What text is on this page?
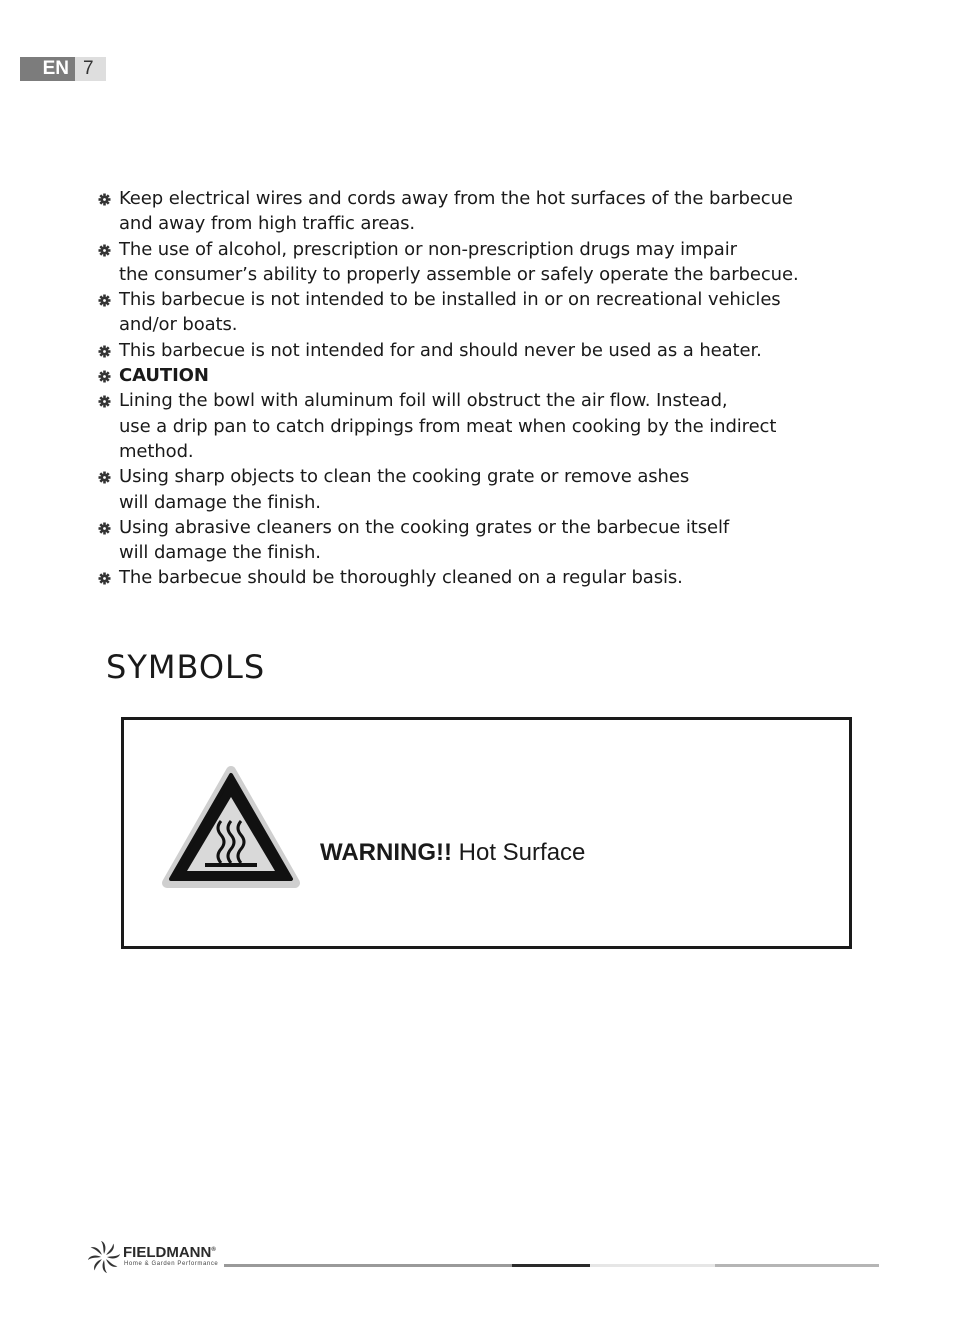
EN 7
Keep electrical wires and cords away from the hot surfaces of the barbecue
and away from high traffic areas.
The use of alcohol, prescription or non-prescription drugs may impair
the consumer’s ability to properly assemble or safely operate the barbecue.
This barbecue is not intended to be installed in or on recreational vehicles
and/or boats.
This barbecue is not intended for and should never be used as a heater.
CAUTION
Lining the bowl with aluminum foil will obstruct the air flow. Instead,
use a drip pan to catch drippings from meat when cooking by the indirect
method.
Using sharp objects to clean the cooking grate or remove ashes
will damage the finish.
Using abrasive cleaners on the cooking grates or the barbecue itself
will damage the finish.
The barbecue should be thoroughly cleaned on a regular basis.
SYMBOLS
WARNING!! Hot Surface
FIELDMANN®
Home & Garden Performance
